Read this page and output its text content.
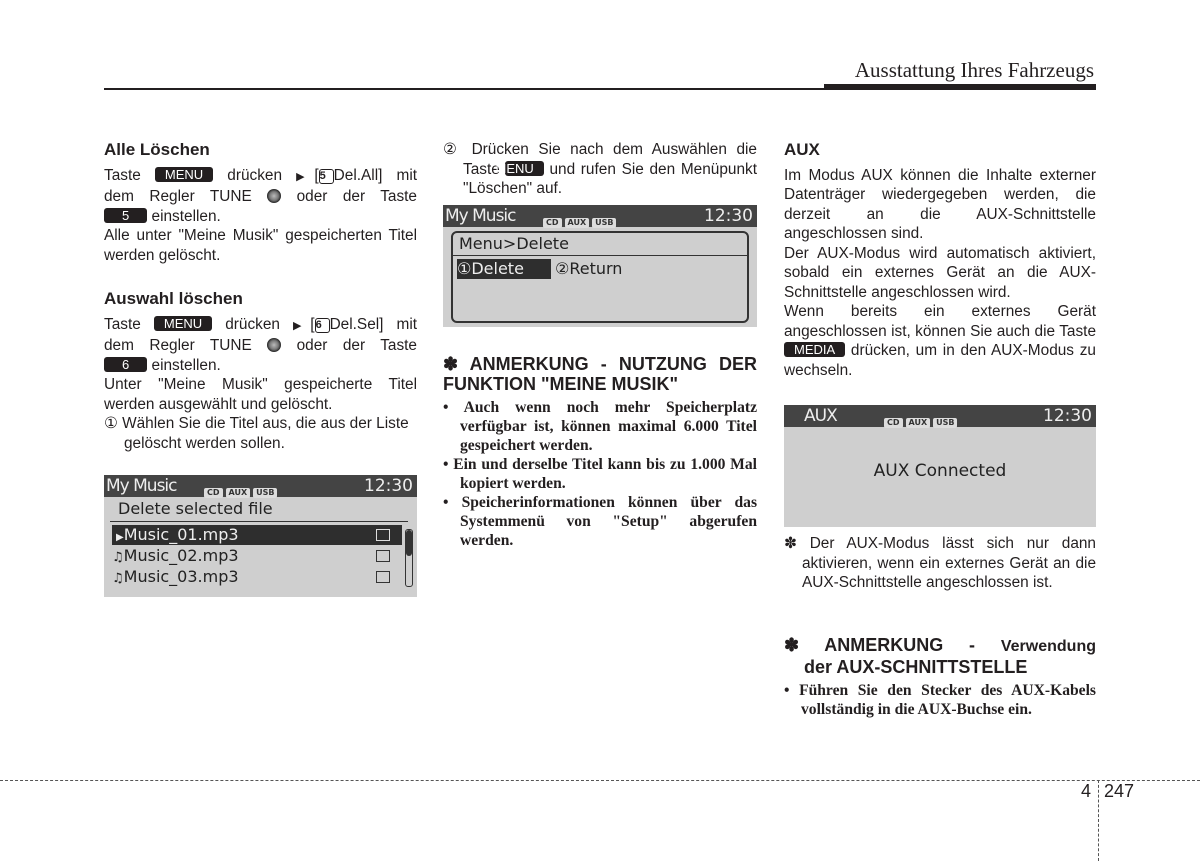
Ausstattung Ihres Fahrzeugs
Alle Löschen

Taste MENU drücken ▶[5 Del.All] mit

dem Regler TUNE	oder der Taste

5 einstellen.

Alle unter "Meine Musik" gespeicherten Titel werden gelöscht.

Auswahl löschen

Taste MENU drücken ▶[6 Del.Sel] mit

dem Regler TUNE	oder der Taste

6 einstellen.

Unter "Meine Musik" gespeicherte Titel werden ausgewählt und gelöscht.

① Wählen Sie die Titel aus, die aus der Liste gelöscht werden sollen.

My Music	CD AUX USB	12:30
Delete selected file
▶Music_01.mp3
♫Music_02.mp3
♫Music_03.mp3

② Drücken Sie nach dem Auswählen die Taste MENU und rufen Sie den Menüpunkt "Löschen" auf.

My Music	CD AUX USB	12:30
Menu>Delete
①Delete	②Return
✽ ANMERKUNG - NUTZUNG DER FUNKTION "MEINE MUSIK"
• Auch wenn noch mehr Speicherplatz verfügbar ist, können maximal 6.000 Titel gespeichert werden.
• Ein und derselbe Titel kann bis zu 1.000 Mal kopiert werden.
• Speicherinformationen können über das Systemmenü von "Setup" abgerufen werden.
AUX

Im Modus AUX können die Inhalte externer Datenträger wiedergegeben werden, die derzeit an die AUX-Schnittstelle angeschlossen sind.

Der AUX-Modus wird automatisch aktiviert, sobald ein externes Gerät an die AUX-Schnittstelle angeschlossen wird.

Wenn bereits ein externes Gerät angeschlossen ist, können Sie auch die Taste MEDIA drücken, um in den AUX-Modus zu wechseln.

AUX	CD AUX USB	12:30
AUX Connected

✽ Der AUX-Modus lässt sich nur dann aktivieren, wenn ein externes Gerät an die AUX-Schnittstelle angeschlossen ist.

✽ ANMERKUNG - Verwendung
der AUX-SCHNITTSTELLE
• Führen Sie den Stecker des AUX-Kabels vollständig in die AUX-Buchse ein.
4 247
